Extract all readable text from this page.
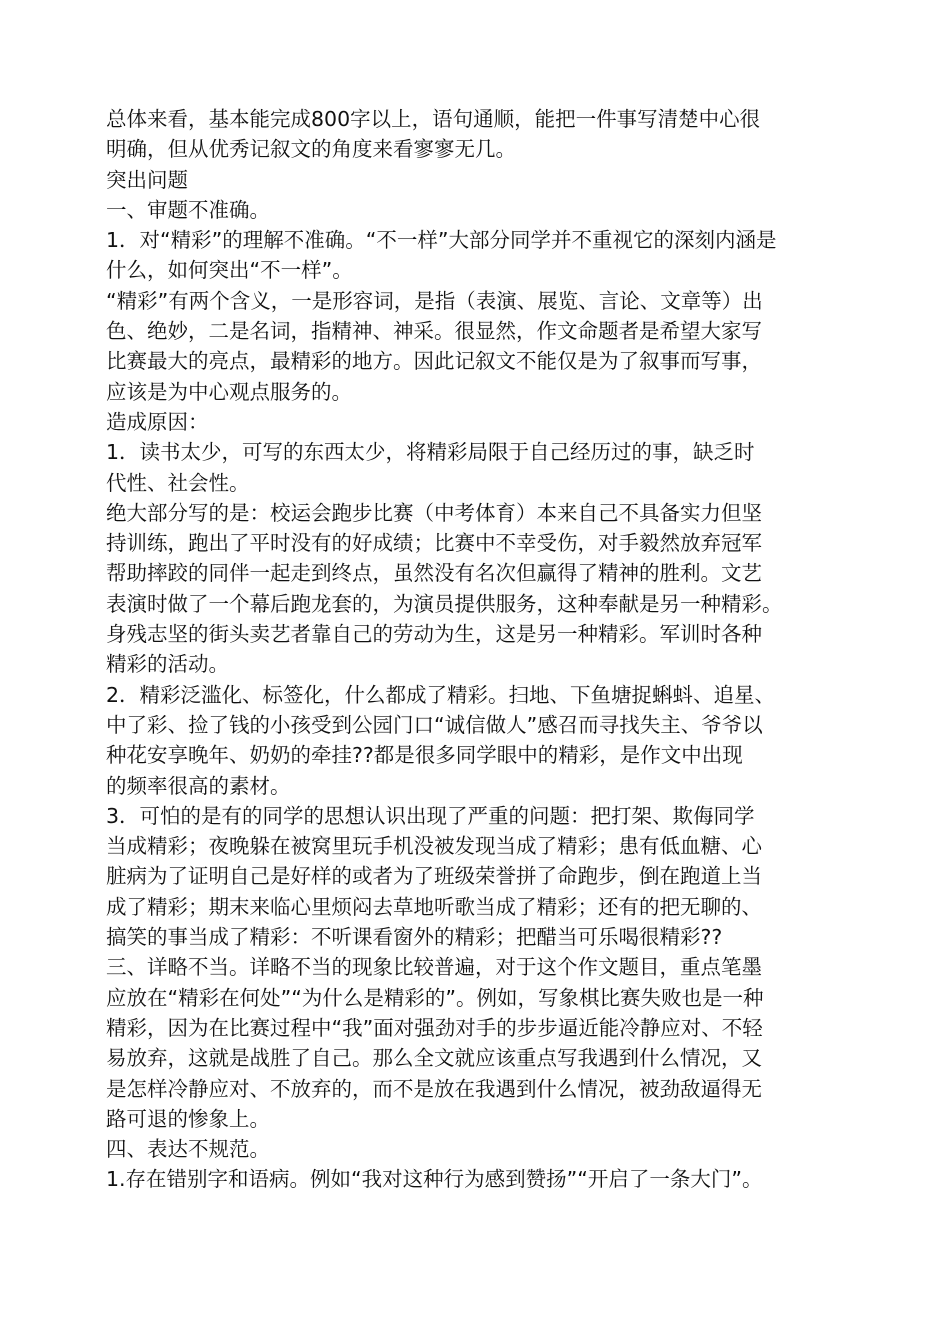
总体来看，基本能完成800字以上，语句通顺，能把一件事写清楚中心很
明确，但从优秀记叙文的角度来看寥寥无几。
突出问题
一、审题不准确。
1．对“精彩”的理解不准确。“不一样”大部分同学并不重视它的深刻内涵是
什么，如何突出“不一样”。
“精彩”有两个含义，一是形容词，是指（表演、展览、言论、文章等）出
色、绝妙，二是名词，指精神、神采。很显然，作文命题者是希望大家写
比赛最大的亮点，最精彩的地方。因此记叙文不能仅是为了叙事而写事，
应该是为中心观点服务的。
造成原因：
1．读书太少，可写的东西太少，将精彩局限于自己经历过的事，缺乏时
代性、社会性。
绝大部分写的是：校运会跑步比赛（中考体育）本来自己不具备实力但坚
持训练，跑出了平时没有的好成绩；比赛中不幸受伤，对手毅然放弃冠军
帮助摔跤的同伴一起走到终点，虽然没有名次但赢得了精神的胜利。文艺
表演时做了一个幕后跑龙套的，为演员提供服务，这种奉献是另一种精彩。
身残志坚的街头卖艺者靠自己的劳动为生，这是另一种精彩。军训时各种
精彩的活动。
2．精彩泛滥化、标签化，什么都成了精彩。扫地、下鱼塘捉蝌蚪、追星、
中了彩、捡了钱的小孩受到公园门口“诚信做人”感召而寻找失主、爷爷以
种花安享晚年、奶奶的牵挂??都是很多同学眼中的精彩，是作文中出现
的频率很高的素材。
3．可怕的是有的同学的思想认识出现了严重的问题：把打架、欺侮同学
当成精彩；夜晚躲在被窝里玩手机没被发现当成了精彩；患有低血糖、心
脏病为了证明自己是好样的或者为了班级荣誉拼了命跑步，倒在跑道上当
成了精彩；期末来临心里烦闷去草地听歌当成了精彩；还有的把无聊的、
搞笑的事当成了精彩：不听课看窗外的精彩；把醋当可乐喝很精彩??
三、详略不当。详略不当的现象比较普遍，对于这个作文题目，重点笔墨
应放在“精彩在何处”“为什么是精彩的”。例如，写象棋比赛失败也是一种
精彩，因为在比赛过程中“我”面对强劲对手的步步逼近能冷静应对、不轻
易放弃，这就是战胜了自己。那么全文就应该重点写我遇到什么情况，又
是怎样冷静应对、不放弃的，而不是放在我遇到什么情况，被劲敌逼得无
路可退的惨象上。
四、表达不规范。
1.存在错别字和语病。例如“我对这种行为感到赞扬”“开启了一条大门”。
